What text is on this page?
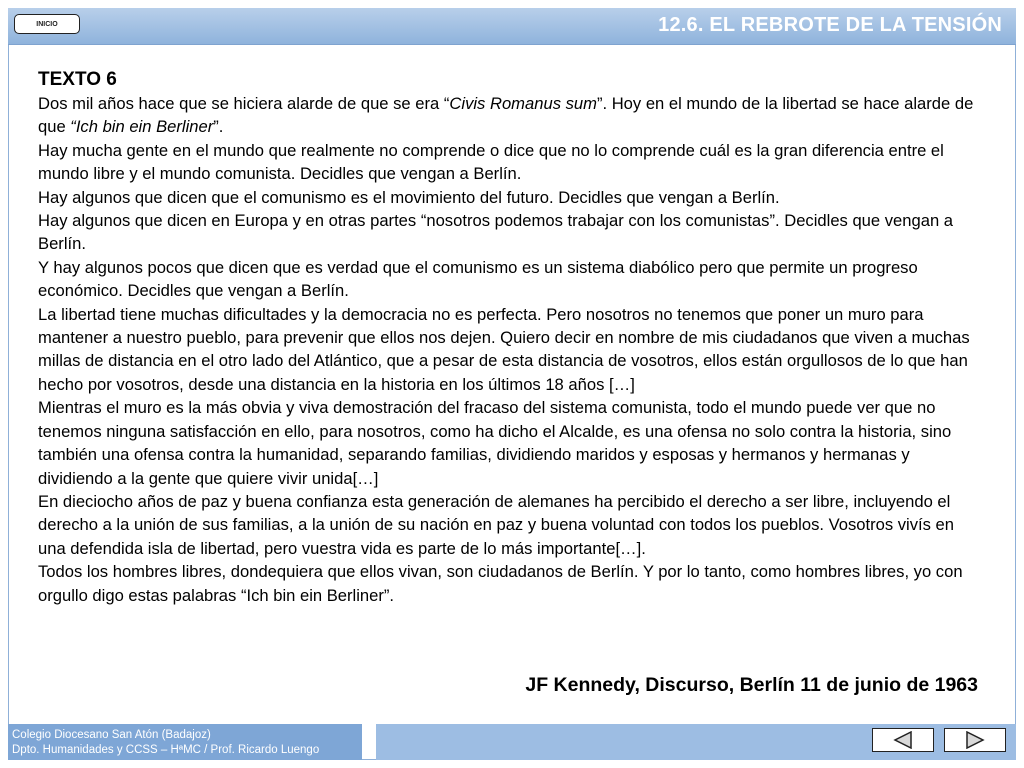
INICIO	12.6. EL REBROTE DE LA TENSIÓN
TEXTO 6
Dos mil años hace que se hiciera alarde de que se era “Civis Romanus sum”. Hoy en el mundo de la libertad se hace alarde de que “Ich bin ein Berliner”.
Hay mucha gente en el mundo que realmente no comprende o dice que no lo comprende cuál es la gran diferencia entre el mundo libre y el mundo comunista. Decidles que vengan a Berlín.
Hay algunos que dicen que el comunismo es el movimiento del futuro. Decidles que vengan a Berlín.
Hay algunos que dicen en Europa y en otras partes “nosotros podemos trabajar con los comunistas”. Decidles que vengan a Berlín.
Y hay algunos pocos que dicen que es verdad que el comunismo es un sistema diabólico pero que permite un progreso económico. Decidles que vengan a Berlín.
La libertad tiene muchas dificultades y la democracia no es perfecta. Pero nosotros no tenemos que poner un muro para mantener a nuestro pueblo, para prevenir que ellos nos dejen. Quiero decir en nombre de mis ciudadanos que viven a muchas millas de distancia en el otro lado del Atlántico, que a pesar de esta distancia de vosotros, ellos están orgullosos de lo que han hecho por vosotros, desde una distancia en la historia en los últimos 18 años […]
Mientras el muro es la más obvia y viva demostración del fracaso del sistema comunista, todo el mundo puede ver que no tenemos ninguna satisfacción en ello, para nosotros, como ha dicho el Alcalde, es una ofensa no solo contra la historia, sino también una ofensa contra la humanidad, separando familias, dividiendo maridos y esposas y hermanos y hermanas y dividiendo a la gente que quiere vivir unida[…]
En dieciocho años de paz y buena confianza esta generación de alemanes ha percibido el derecho a ser libre, incluyendo el derecho a la unión de sus familias, a la unión de su nación en paz y buena voluntad con todos los pueblos. Vosotros vivís en una defendida isla de libertad, pero vuestra vida es parte de lo más importante[…].
Todos los hombres libres, dondequiera que ellos vivan, son ciudadanos de Berlín. Y por lo tanto, como hombres libres, yo con orgullo digo estas palabras “Ich bin ein Berliner”.
JF Kennedy, Discurso, Berlín 11 de junio de 1963
Colegio Diocesano San Atón (Badajoz)
Dpto. Humanidades y CCSS – HªMC / Prof. Ricardo Luengo
